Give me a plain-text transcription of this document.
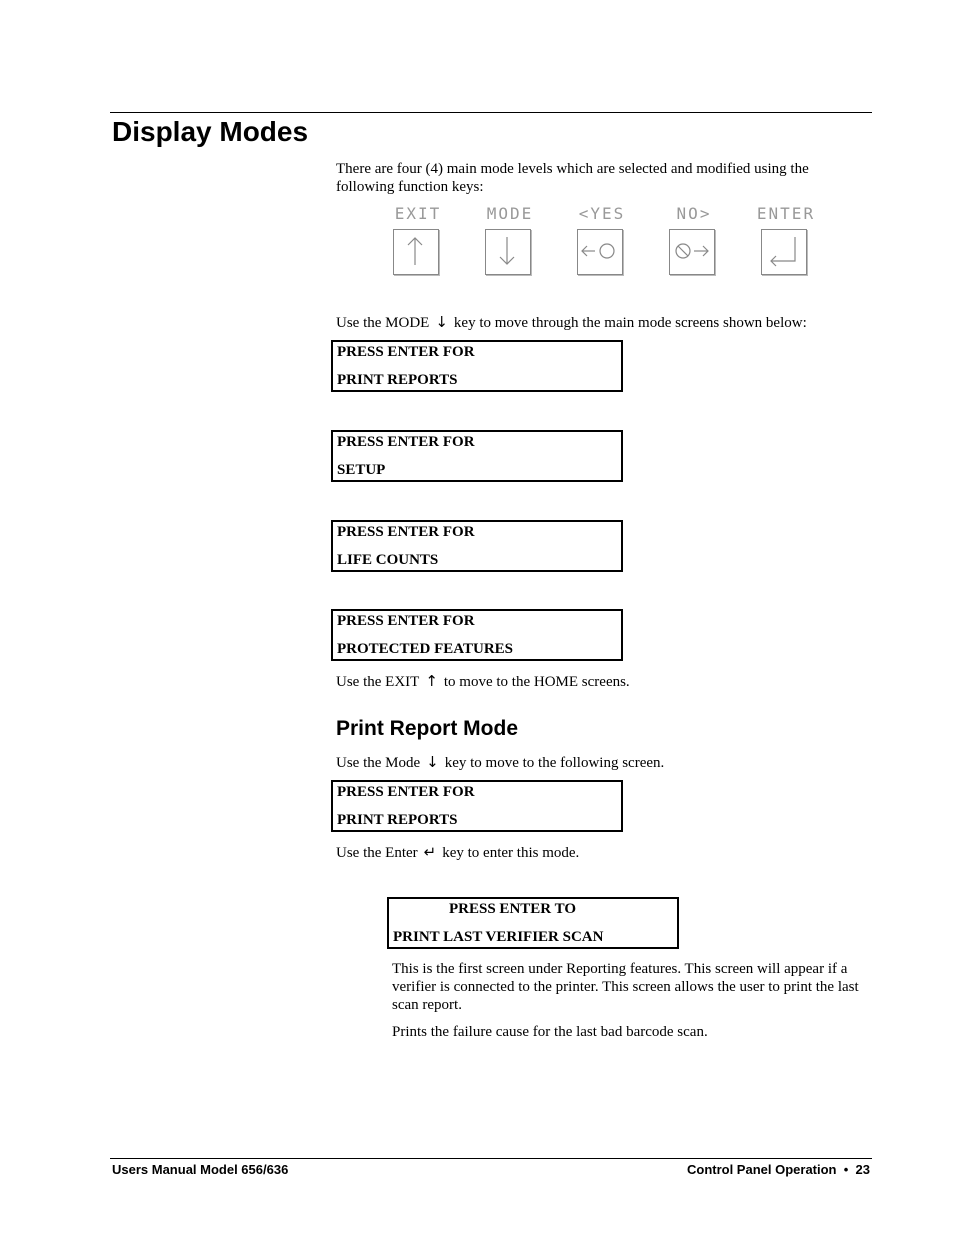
Display Modes

There are four (4) main mode levels which are selected and modified using the following function keys:

EXIT	MODE	<YES	NO>	ENTER

Use the MODE ↓ key to move through the main mode screens shown below:

PRESS ENTER FOR
PRINT REPORTS
PRESS ENTER FOR
SETUP
PRESS ENTER FOR
LIFE COUNTS
PRESS ENTER FOR
PROTECTED FEATURES

Use the EXIT ↑ to move to the HOME screens.

Print Report Mode

Use the Mode ↓ key to move to the following screen.

PRESS ENTER FOR
PRINT REPORTS

Use the Enter ↵ key to enter this mode.

PRESS ENTER TO
PRINT LAST VERIFIER SCAN

This is the first screen under Reporting features. This screen will appear if a verifier is connected to the printer. This screen allows the user to print the last scan report.

Prints the failure cause for the last bad barcode scan.

Users Manual Model 656/636	Control Panel Operation • 23
